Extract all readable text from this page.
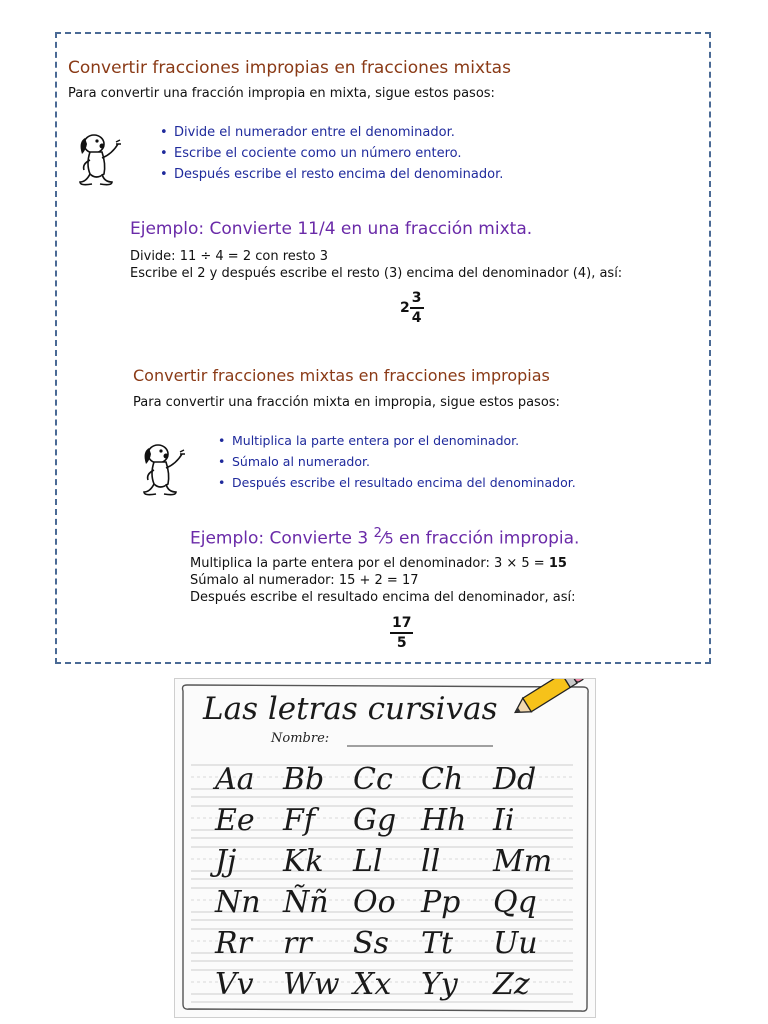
Convertir fracciones impropias en fracciones mixtas
Para convertir una fracción impropia en mixta, sigue estos pasos:
• Divide el numerador entre el denominador.
• Escribe el cociente como un número entero.
• Después escribe el resto encima del denominador.
Ejemplo: Convierte 11/4 en una fracción mixta.
Divide: 11 ÷ 4 = 2 con resto 3
Escribe el 2 y después escribe el resto (3) encima del denominador (4), así:
$2 \frac{3}{4}$
Convertir fracciones mixtas en fracciones impropias
Para convertir una fracción mixta en impropia, sigue estos pasos:
• Multiplica la parte entera por el denominador.
• Súmalo al numerador.
• Después escribe el resultado encima del denominador.
Ejemplo: Convierte 3 $^2$⁄5 en fracción impropia.
Multiplica la parte entera por el denominador: 3 × 5 = 15
Súmalo al numerador: 15 + 2 = 17
Después escribe el resultado encima del denominador, así:
$\frac{17}{5}$
Aa Bb Cc Ch Dd
Ee Ff Gg Hh Ii
Jj Kk Ll ll Mm
Nn Ññ Oo Pp Qq
Rr rr Ss Tt Uu
Vv Ww Xx Yy Zz
Las letras cursivas
Nombre:
